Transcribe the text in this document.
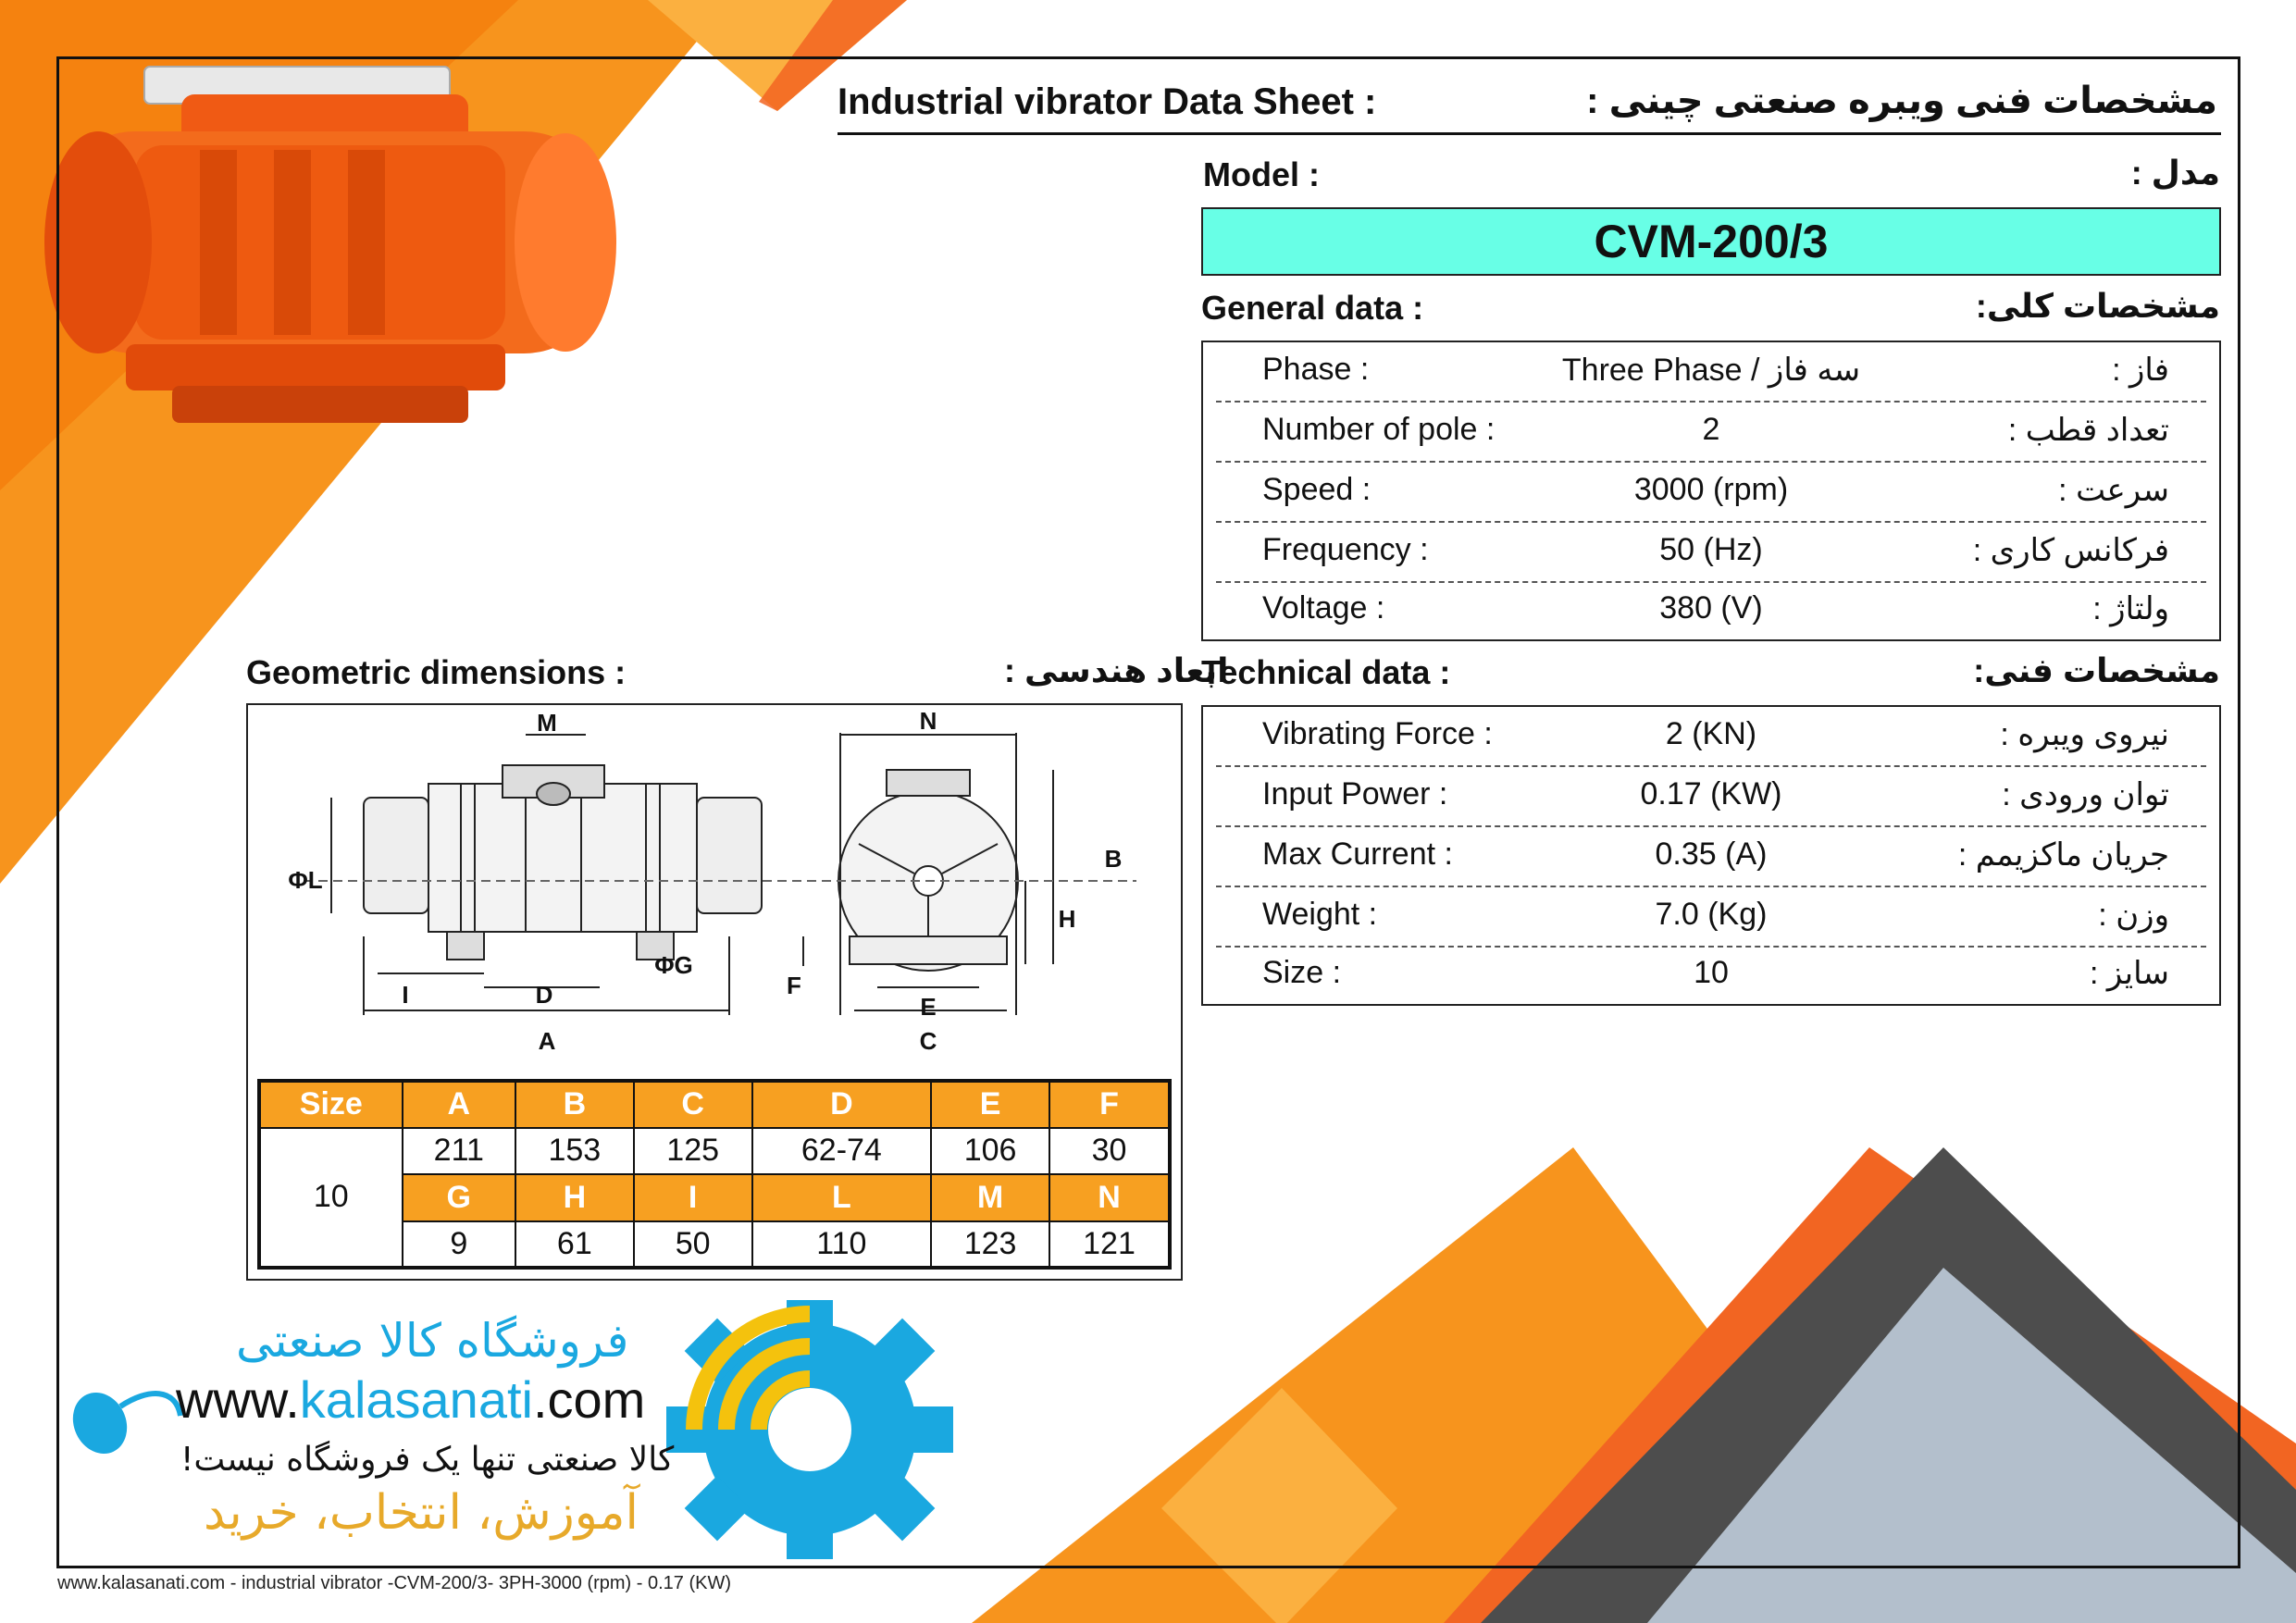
Industrial vibrator Data Sheet :	مشخصات فنی ویبره صنعتی چینی :
Model :	مدل :
CVM-200/3
General data :	مشخصات کلی:
Phase :	Three Phase / سه فاز	فاز :
Number of pole :	2	تعداد قطب :
Speed :	3000 (rpm)	سرعت :
Frequency :	50 (Hz)	فرکانس کاری :
Voltage :	380 (V)	ولتاژ :
Technical data :	مشخصات فنی:
Vibrating Force :	2 (KN)	نیروی ویبره :
Input Power :	0.17 (KW)	توان ورودی :
Max Current :	0.35 (A)	جریان ماکزیمم :
Weight :	7.0 (Kg)	وزن :
Size :	10	سایز :
Geometric dimensions :	ابعاد هندسی :
M	N
ΦL
ΦG
B
H
I	D
A
F
E
C
Size	A	B	C	D	E	F
10	211	153	125	62-74	106	30
	G	H	I	L	M	N
	9	61	50	110	123	121
فروشگاه کالا صنعتی
www.kalasanati.com
کالا صنعتی تنها یک فروشگاه نیست!
آموزش، انتخاب، خرید
www.kalasanati.com - industrial vibrator -CVM-200/3- 3PH-3000 (rpm) - 0.17 (KW)
